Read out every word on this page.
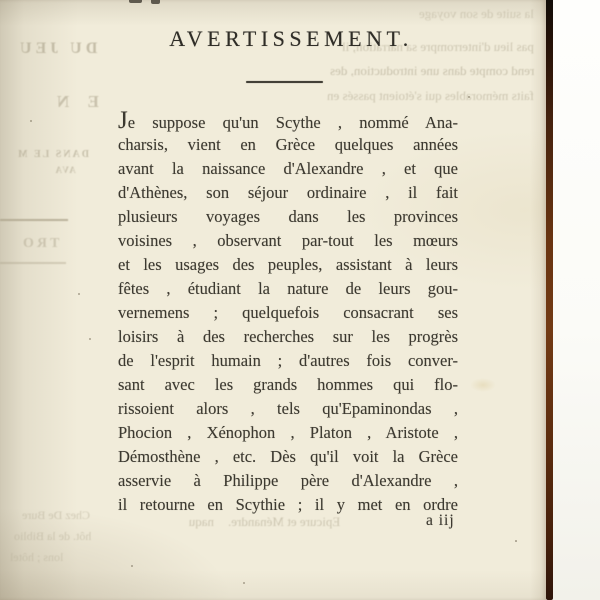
DU JEU
E N
DANS LE M
AVA
TRO
la suite de son voyage
pas lieu d'interrompre sa narration; il
rend compte dans une introduction, des
faits mémorables qui s'étoient passés en
Epicure et Ménandre.
naqu
Chez De Bure
hôt. de la Biblio
lons ; hôtel
AVERTISSEMENT.
Je suppose qu'un Scythe , nommé Ana-
charsis, vient en Grèce quelques années
avant la naissance d'Alexandre , et que
d'Athènes, son séjour ordinaire , il fait
plusieurs voyages dans les provinces
voisines , observant par-tout les mœurs
et les usages des peuples, assistant à leurs
fêtes , étudiant la nature de leurs gou-
vernemens ; quelquefois consacrant ses
loisirs à des recherches sur les progrès
de l'esprit humain ; d'autres fois conver-
sant avec les grands hommes qui flo-
rissoient alors , tels qu'Epaminondas ,
Phocion , Xénophon , Platon , Aristote ,
Démosthène , etc. Dès qu'il voit la Grèce
asservie à Philippe père d'Alexandre ,
il retourne en Scythie ; il y met en ordre
a iij
